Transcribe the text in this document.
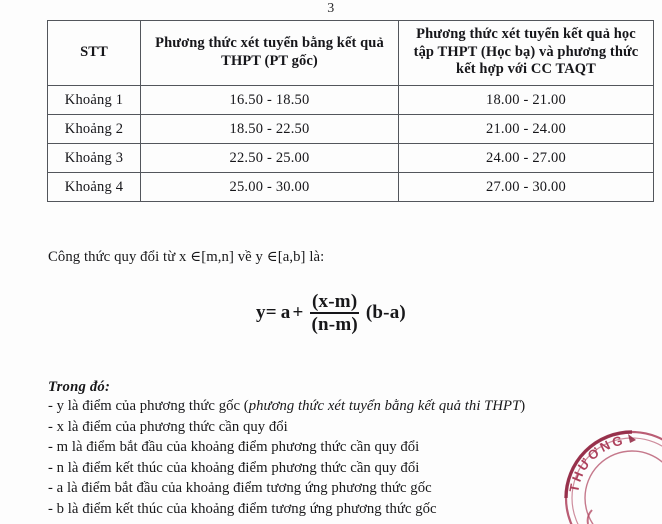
3
STT	Phương thức xét tuyển bằng kết quả THPT (PT gốc)	Phương thức xét tuyển kết quả học tập THPT (Học bạ) và phương thức kết hợp với CC TAQT
Khoảng 1	16.50 - 18.50	18.00 - 21.00
Khoảng 2	18.50 - 22.50	21.00 - 24.00
Khoảng 3	22.50 - 25.00	24.00 - 27.00
Khoảng 4	25.00 - 30.00	27.00 - 30.00
Công thức quy đổi từ x ∈[m,n] về y ∈[a,b] là:
$y= a + \frac{(x-m)}{(n-m)} (b-a)$
Trong đó:
- y là điểm của phương thức gốc (phương thức xét tuyển bằng kết quả thi THPT)
- x là điểm của phương thức cần quy đổi
- m là điểm bắt đầu của khoảng điểm phương thức cần quy đổi
- n là điểm kết thúc của khoảng điểm phương thức cần quy đổi
- a là điểm bắt đầu của khoảng điểm tương ứng phương thức gốc
- b là điểm kết thúc của khoảng điểm tương ứng phương thức gốc
THƯƠNG
